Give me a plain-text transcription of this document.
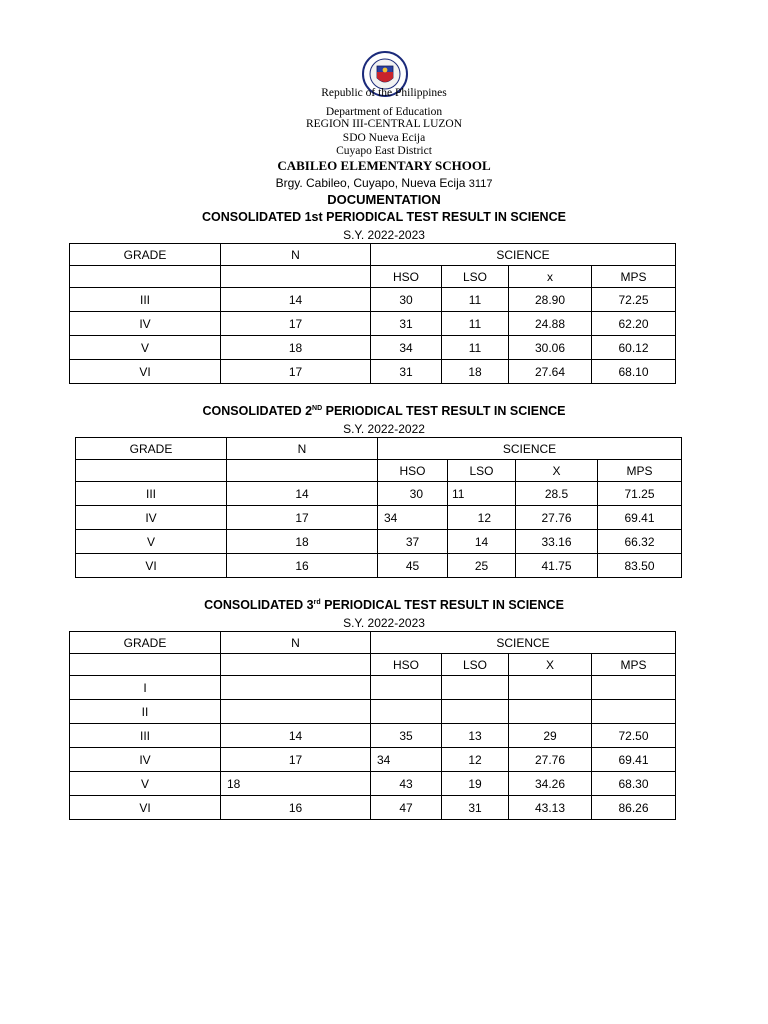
Republic of the Philippines
Department of Education
REGION III-CENTRAL LUZON
SDO Nueva Ecija
Cuyapo East District
CABILEO ELEMENTARY SCHOOL
Brgy. Cabileo, Cuyapo, Nueva Ecija 3117
DOCUMENTATION
CONSOLIDATED 1st PERIODICAL TEST RESULT IN SCIENCE
S.Y. 2022-2023
GRADE	N	SCIENCE			
		HSO	LSO	x	MPS
III	14	30	11	28.90	72.25
IV	17	31	11	24.88	62.20
V	18	34	11	30.06	60.12
VI	17	31	18	27.64	68.10
CONSOLIDATED 2ND PERIODICAL TEST RESULT IN SCIENCE
S.Y. 2022-2022
GRADE	N	SCIENCE			
		HSO	LSO	X	MPS
III	14	30	11	28.5	71.25
IV	17	34	12	27.76	69.41
V	18	37	14	33.16	66.32
VI	16	45	25	41.75	83.50
CONSOLIDATED 3rd PERIODICAL TEST RESULT IN SCIENCE
S.Y. 2022-2023
GRADE	N	SCIENCE			
		HSO	LSO	X	MPS
I					
II					
III	14	35	13	29	72.50
IV	17	34	12	27.76	69.41
V	18	43	19	34.26	68.30
VI	16	47	31	43.13	86.26
